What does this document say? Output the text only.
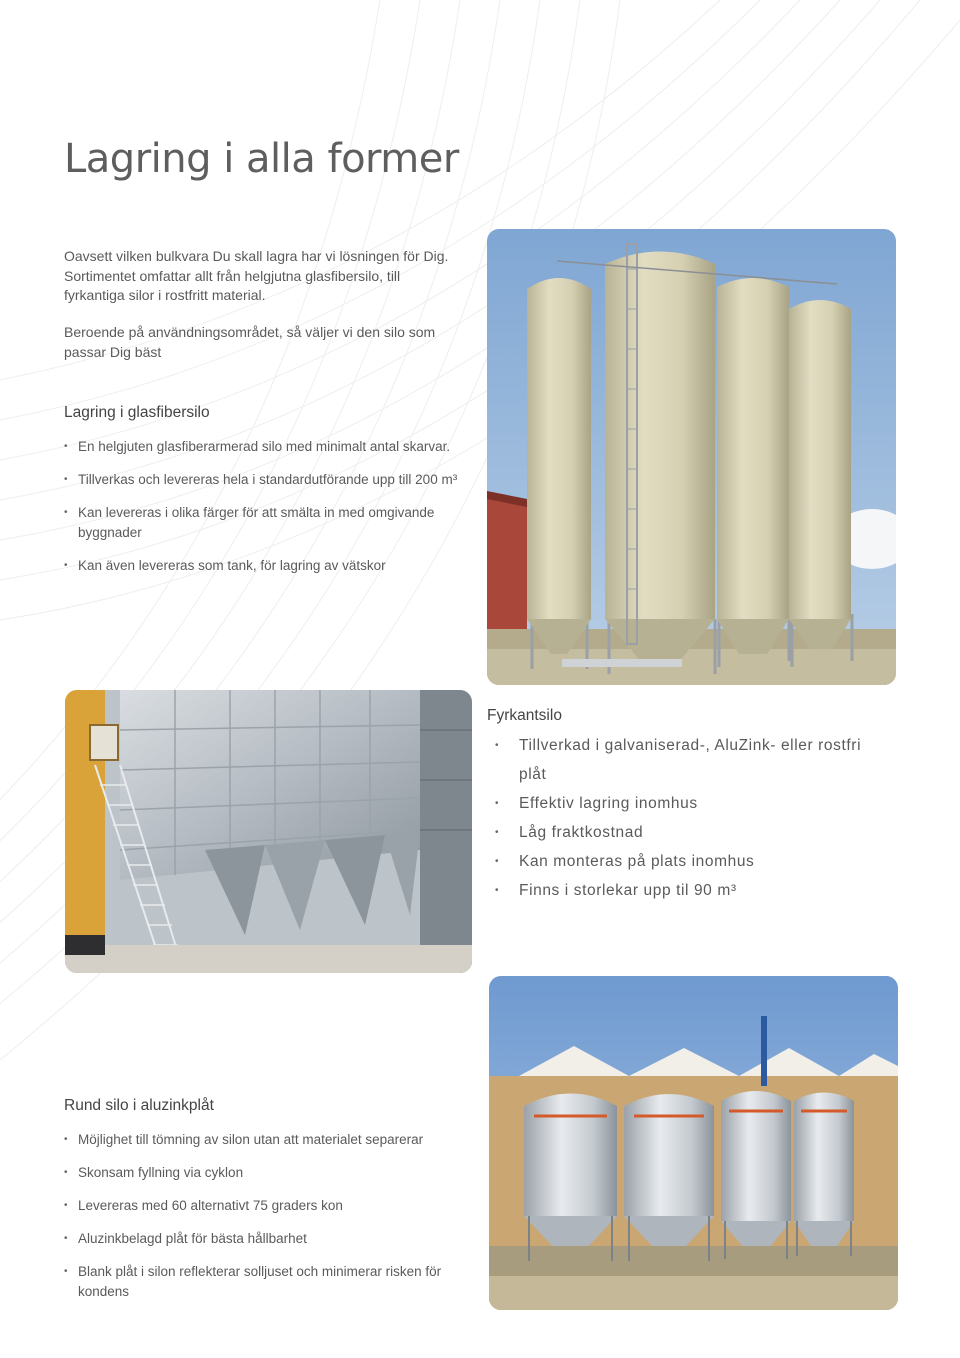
Lagring i alla former

Oavsett vilken bulkvara Du skall lagra har vi lösningen för Dig. Sortimentet omfattar allt från helgjutna glasfibersilo, till fyrkantiga silor i rostfritt material.

Beroende på användningsområdet, så väljer vi den silo som passar Dig bäst

Lagring i glasfibersilo
• En helgjuten glasfiberarmerad silo med minimalt antal skarvar.
• Tillverkas och levereras hela i standardutförande upp till 200 m³
• Kan levereras i olika färger för att smälta in med omgivande byggnader
• Kan även levereras som tank, för lagring av vätskor
Fyrkantsilo
• Tillverkad i galvaniserad-, AluZink- eller rostfri plåt
• Effektiv lagring inomhus
• Låg fraktkostnad
• Kan monteras på plats inomhus
• Finns i storlekar upp til 90 m³
Rund silo i aluzinkplåt
• Möjlighet till tömning av silon utan att materialet separerar
• Skonsam fyllning via cyklon
• Levereras med 60 alternativt 75 graders kon
• Aluzinkbelagd plåt för bästa hållbarhet
• Blank plåt i silon reflekterar solljuset och minimerar risken för kondens
